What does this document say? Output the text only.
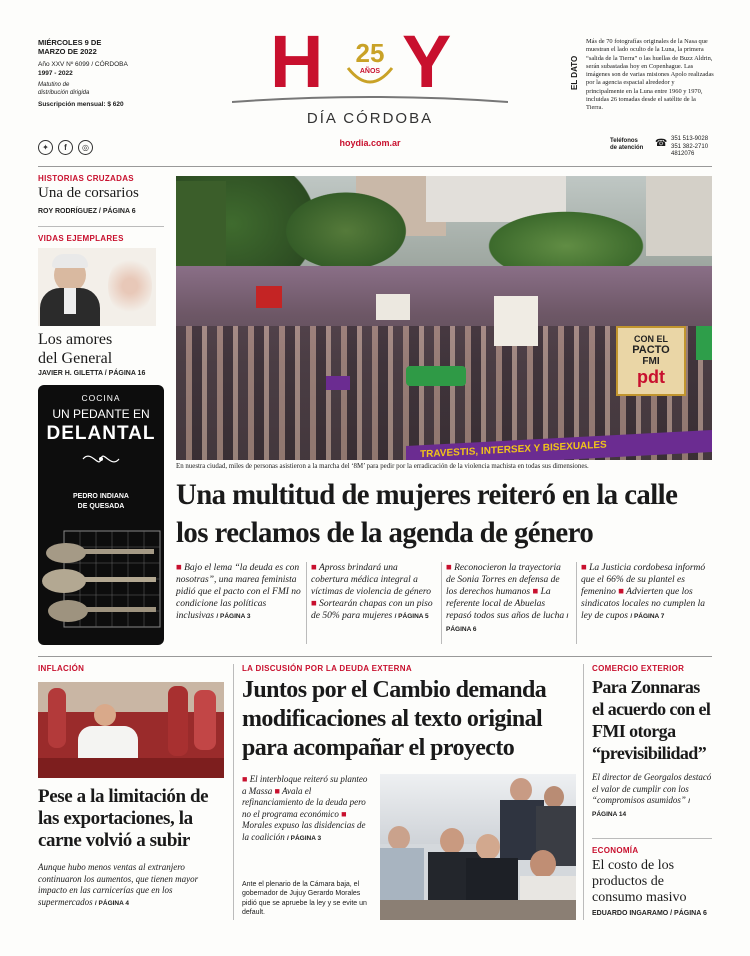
MIÉRCOLES 9 DE
MARZO DE 2022
Año XXV Nº 6099 / CÓRDOBA
1997 - 2022
Matutino de
distribución dirigida
Suscripción mensual: $ 620
✦	f	◎
H	25
AÑOS Y
DÍA CÓRDOBA
hoydia.com.ar
EL DATO
Más de 70 fotografías originales de la Nasa que muestran el lado oculto de la Luna, la primera “salida de la Tierra” o las huellas de Buzz Aldrin, serán subastadas hoy en Copenhague. Las imágenes son de varias misiones Apolo realizadas por la agencia espacial alrededor y principalmente en la Luna entre 1960 y 1970, incluidas 26 tomadas desde el satélite de la Tierra.
Teléfonos
de atención ☎ 351 513-9028
351 382-2710
4812076
HISTORIAS CRUZADAS
Una de corsarios
ROY RODRÍGUEZ / PÁGINA 6
VIDAS EJEMPLARES
Los amores
del General
JAVIER H. GILETTA / PÁGINA 16
COCINA
UN PEDANTE EN
DELANTAL
PEDRO INDIANA
DE QUESADA
CON EL
PACTO
FMI
pdt
TRAVESTIS, INTERSEX Y BISEXUALES
En nuestra ciudad, miles de personas asistieron a la marcha del ‘8M’ para pedir por la erradicación de la violencia machista en todas sus dimensiones.
Una multitud de mujeres reiteró en la calle
los reclamos de la agenda de género
■ Bajo el lema “la deuda es con nosotras”, una marea feminista pidió que el pacto con el FMI no condicione las políticas inclusivas / PÁGINA 3
■ Apross brindará una cobertura médica integral a víctimas de violencia de género ■ Sortearán chapas con un piso de 50% para mujeres / PÁGINA 5
■ Reconocieron la trayectoria de Sonia Torres en defensa de los derechos humanos ■ La referente local de Abuelas repasó todos sus años de lucha / PÁGINA 6
■ La Justicia cordobesa informó que el 66% de su plantel es femenino ■ Advierten que los sindicatos locales no cumplen la ley de cupos / PÁGINA 7
INFLACIÓN
Pese a la limitación de las exportaciones, la carne volvió a subir
Aunque hubo menos ventas al extranjero continuaron los aumentos, que tienen mayor impacto en las carnicerías que en los supermercados / PÁGINA 4
LA DISCUSIÓN POR LA DEUDA EXTERNA
Juntos por el Cambio demanda modificaciones al texto original para acompañar el proyecto
■ El interbloque reiteró su planteo a Massa ■ Avala el refinanciamiento de la deuda pero no el programa económico ■ Morales expuso las disidencias de la coalición / PÁGINA 3
Ante el plenario de la Cámara baja, el gobernador de Jujuy Gerardo Morales pidió que se apruebe la ley y se evite un default.
COMERCIO EXTERIOR
Para Zonnaras el acuerdo con el FMI otorga “previsibilidad”
El director de Georgalos destacó el valor de cumplir con los “compromisos asumidos” / PÁGINA 14
ECONOMÍA
El costo de los productos de consumo masivo
EDUARDO INGARAMO / PÁGINA 6
